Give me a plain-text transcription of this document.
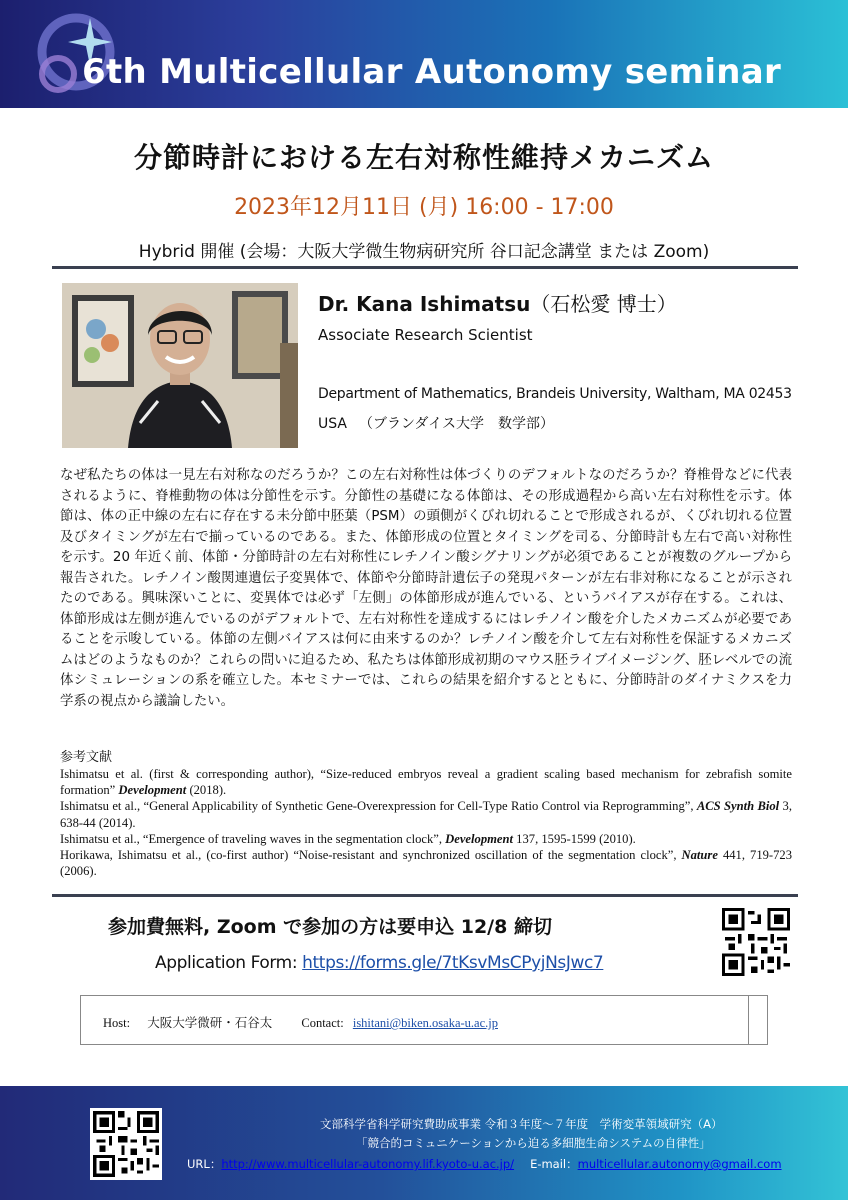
6th Multicellular Autonomy seminar
分節時計における左右対称性維持メカニズム
2023年12月11日 (月) 16:00 - 17:00
Hybrid 開催 (会場：大阪大学微生物病研究所 谷口記念講堂 または Zoom)
Dr. Kana Ishimatsu（石松愛 博士）
Associate Research Scientist
Department of Mathematics, Brandeis University, Waltham, MA 02453
USA （ブランダイス大学　数学部）

なぜ私たちの体は一見左右対称なのだろうか？この左右対称性は体づくりのデフォルトなのだろうか？脊椎骨などに代表されるように、脊椎動物の体は分節性を示す。分節性の基礎になる体節は、その形成過程から高い左右対称性を示す。体節は、体の正中線の左右に存在する未分節中胚葉（PSM）の頭側がくびれ切れることで形成されるが、くびれ切れる位置及びタイミングが左右で揃っているのである。また、体節形成の位置とタイミングを司る、分節時計も左右で高い対称性を示す。20 年近く前、体節・分節時計の左右対称性にレチノイン酸シグナリングが必須であることが複数のグループから報告された。レチノイン酸関連遺伝子変異体で、体節や分節時計遺伝子の発現パターンが左右非対称になることが示されたのである。興味深いことに、変異体では必ず「左側」の体節形成が進んでいる、というバイアスが存在する。これは、体節形成は左側が進んでいるのがデフォルトで、左右対称性を達成するにはレチノイン酸を介したメカニズムが必要であることを示唆している。体節の左側バイアスは何に由来するのか？レチノイン酸を介して左右対称性を保証するメカニズムはどのようなものか？これらの問いに迫るため、私たちは体節形成初期のマウス胚ライブイメージング、胚レベルでの流体シミュレーションの系を確立した。本セミナーでは、これらの結果を紹介するとともに、分節時計のダイナミクスを力学系の視点から議論したい。

参考文献
Ishimatsu et al. (first & corresponding author), “Size-reduced embryos reveal a gradient scaling based mechanism for zebrafish somite formation” Development (2018).
Ishimatsu et al., “General Applicability of Synthetic Gene-Overexpression for Cell-Type Ratio Control via Reprogramming”, ACS Synth Biol 3, 638-44 (2014).
Ishimatsu et al., “Emergence of traveling waves in the segmentation clock”, Development 137, 1595-1599 (2010).
Horikawa, Ishimatsu et al., (co-first author) “Noise-resistant and synchronized oscillation of the segmentation clock”, Nature 441, 719-723 (2006).
参加費無料, Zoom で参加の方は要申込 12/8 締切
Application Form: https://forms.gle/7tKsvMsCPyjNsJwc7
Host: 大阪大学微研・石谷太 Contact: ishitani@biken.osaka-u.ac.jp
文部科学省科学研究費助成事業 令和３年度～７年度　学術変革領域研究（A）
「競合的コミュニケーションから迫る多細胞生命システムの自律性」
URL：http://www.multicellular-autonomy.lif.kyoto-u.ac.jp/ E-mail：multicellular.autonomy@gmail.com
